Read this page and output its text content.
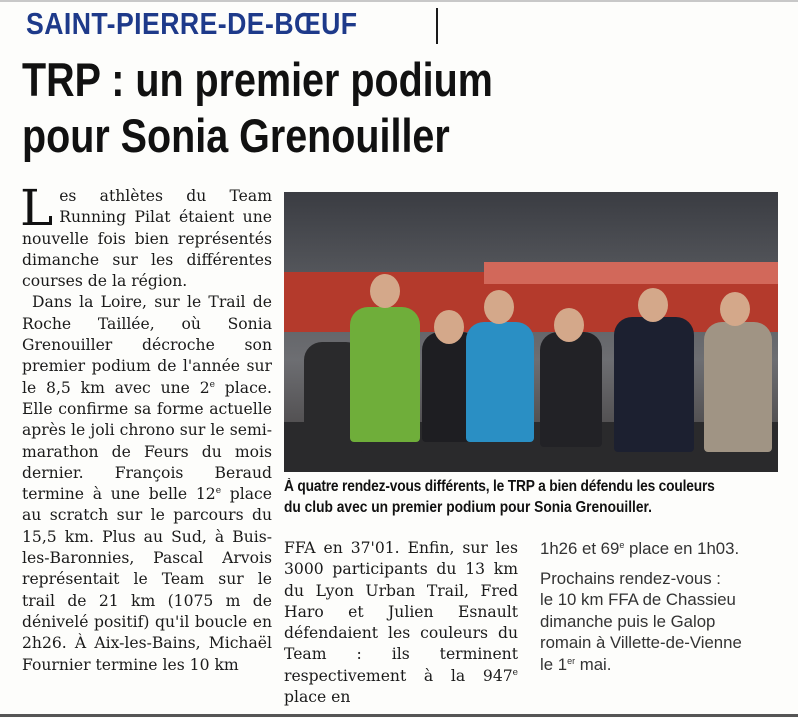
SAINT-PIERRE-DE-BŒUF
TRP : un premier podium
pour Sonia Grenouiller

Les athlètes du Team Running Pilat étaient une nouvelle fois bien représentés dimanche sur les différentes courses de la région.

Dans la Loire, sur le Trail de Roche Taillée, où Sonia Grenouiller décroche son premier podium de l'année sur le 8,5 km avec une 2e place. Elle confirme sa forme actuelle après le joli chrono sur le semi-marathon de Feurs du mois dernier. François Beraud termine à une belle 12e place au scratch sur le parcours du 15,5 km. Plus au Sud, à Buis-les-Baronnies, Pascal Arvois représentait le Team sur le trail de 21 km (1075 m de dénivelé positif) qu'il boucle en 2h26. À Aix-les-Bains, Michaël Fournier termine les 10 km

À quatre rendez-vous différents, le TRP a bien défendu les couleurs
du club avec un premier podium pour Sonia Grenouiller.

FFA en 37'01. Enfin, sur les 3000 participants du 13 km du Lyon Urban Trail, Fred Haro et Julien Esnault défendaient les couleurs du Team : ils terminent respectivement à la 947e place en

1h26 et 69e place en 1h03.
Prochains rendez-vous :
le 10 km FFA de Chassieu
dimanche puis le Galop
romain à Villette-de-Vienne
le 1er mai.
